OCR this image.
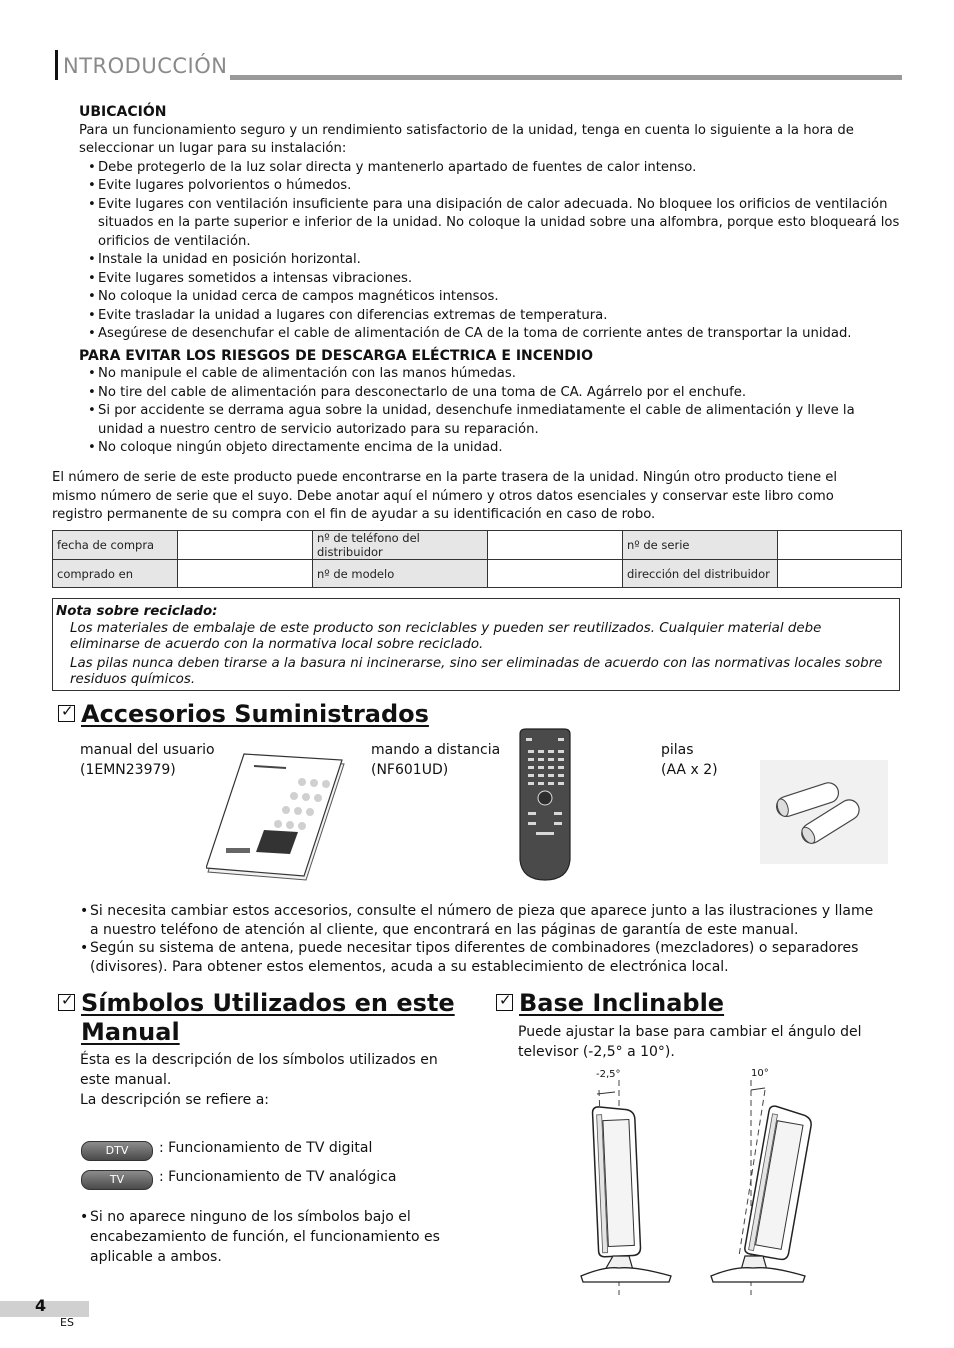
NTRODUCCIÓN
UBICACIÓN
Para un funcionamiento seguro y un rendimiento satisfactorio de la unidad, tenga en cuenta lo siguiente a la hora de seleccionar un lugar para su instalación:
• Debe protegerlo de la luz solar directa y mantenerlo apartado de fuentes de calor intenso.
• Evite lugares polvorientos o húmedos.
• Evite lugares con ventilación insuficiente para una disipación de calor adecuada. No bloquee los orificios de ventilación situados en la parte superior e inferior de la unidad. No coloque la unidad sobre una alfombra, porque esto bloqueará los orificios de ventilación.
• Instale la unidad en posición horizontal.
• Evite lugares sometidos a intensas vibraciones.
• No coloque la unidad cerca de campos magnéticos intensos.
• Evite trasladar la unidad a lugares con diferencias extremas de temperatura.
• Asegúrese de desenchufar el cable de alimentación de CA de la toma de corriente antes de transportar la unidad.
PARA EVITAR LOS RIESGOS DE DESCARGA ELÉCTRICA E INCENDIO
• No manipule el cable de alimentación con las manos húmedas.
• No tire del cable de alimentación para desconectarlo de una toma de CA. Agárrelo por el enchufe.
• Si por accidente se derrama agua sobre la unidad, desenchufe inmediatamente el cable de alimentación y lleve la unidad a nuestro centro de servicio autorizado para su reparación.
• No coloque ningún objeto directamente encima de la unidad.
El número de serie de este producto puede encontrarse en la parte trasera de la unidad. Ningún otro producto tiene el mismo número de serie que el suyo. Debe anotar aquí el número y otros datos esenciales y conservar este libro como registro permanente de su compra con el fin de ayudar a su identificación en caso de robo.
fecha de compra		nº de teléfono del distribuidor		nº de serie	
comprado en		nº de modelo		dirección del distribuidor	
Nota sobre reciclado:
Los materiales de embalaje de este producto son reciclables y pueden ser reutilizados. Cualquier material debe eliminarse de acuerdo con la normativa local sobre reciclado.
Las pilas nunca deben tirarse a la basura ni incinerarse, sino ser eliminadas de acuerdo con las normativas locales sobre residuos químicos.
✓
Accesorios Suministrados
manual del usuario
(1EMN23979)
mando a distancia
(NF601UD)
pilas
(AA x 2)
• Si necesita cambiar estos accesorios, consulte el número de pieza que aparece junto a las ilustraciones y llame a nuestro teléfono de atención al cliente, que encontrará en las páginas de garantía de este manual.
• Según su sistema de antena, puede necesitar tipos diferentes de combinadores (mezcladores) o separadores (divisores). Para obtener estos elementos, acuda a su establecimiento de electrónica local.
✓
Símbolos Utilizados en este
Manual
Ésta es la descripción de los símbolos utilizados en este manual.
La descripción se refiere a:
DTV	: Funcionamiento de TV digital
TV	: Funcionamiento de TV analógica
• Si no aparece ninguno de los símbolos bajo el encabezamiento de función, el funcionamiento es aplicable a ambos.
✓
Base Inclinable
Puede ajustar la base para cambiar el ángulo del televisor (-2,5° a 10°).
-2,5°	10°
4
ES
